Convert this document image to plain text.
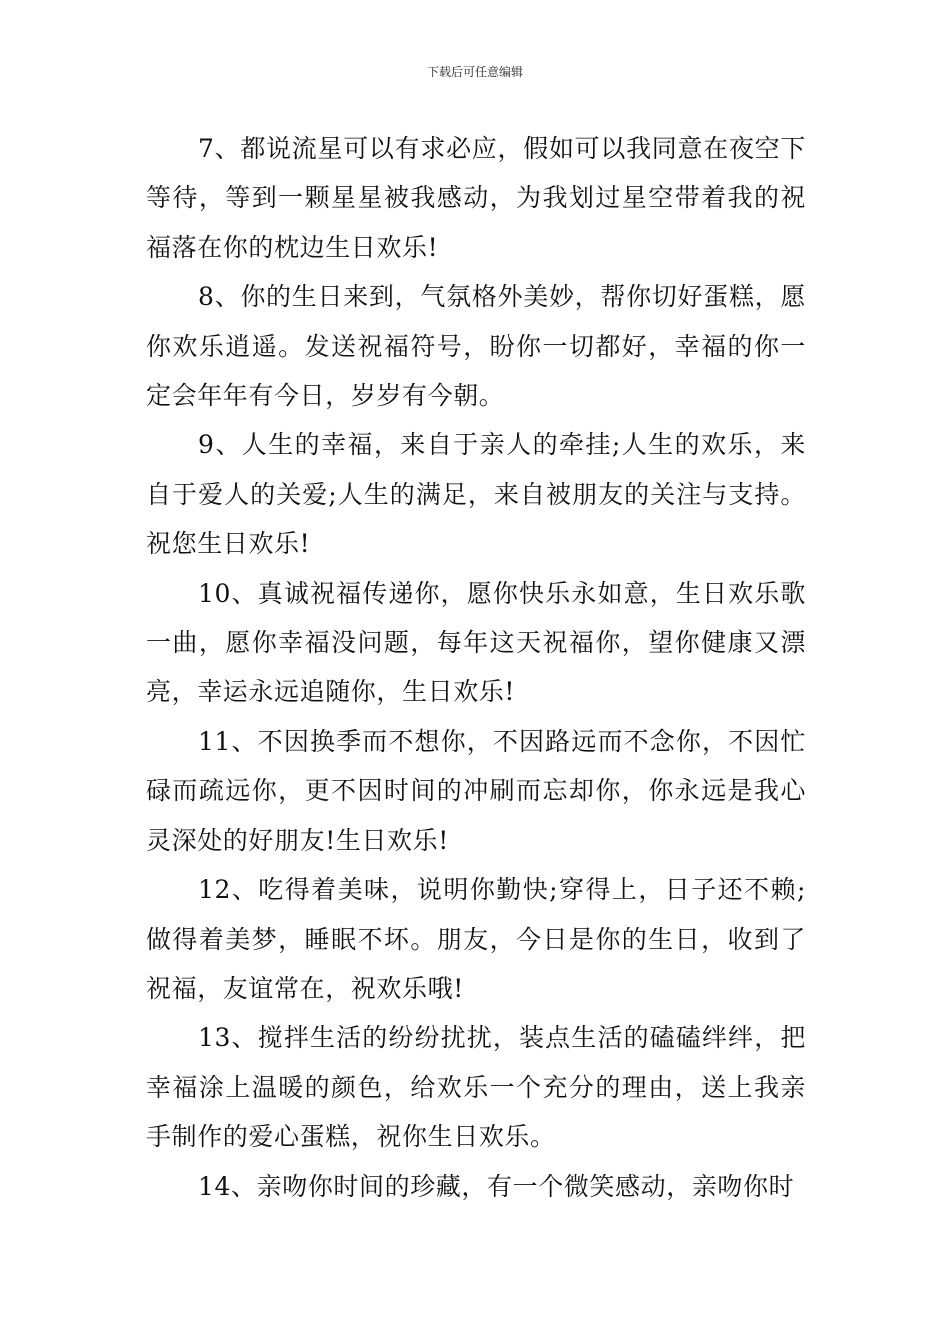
下载后可任意编辑

7、都说流星可以有求必应，假如可以我同意在夜空下等待，等到一颗星星被我感动，为我划过星空带着我的祝福落在你的枕边生日欢乐!

8、你的生日来到，气氛格外美妙，帮你切好蛋糕，愿你欢乐逍遥。发送祝福符号，盼你一切都好，幸福的你一定会年年有今日，岁岁有今朝。

9、人生的幸福，来自于亲人的牵挂;人生的欢乐，来自于爱人的关爱;人生的满足，来自被朋友的关注与支持。祝您生日欢乐!

10、真诚祝福传递你，愿你快乐永如意，生日欢乐歌一曲，愿你幸福没问题，每年这天祝福你，望你健康又漂亮，幸运永远追随你，生日欢乐!

11、不因换季而不想你，不因路远而不念你，不因忙碌而疏远你，更不因时间的冲刷而忘却你，你永远是我心灵深处的好朋友!生日欢乐!

12、吃得着美味，说明你勤快;穿得上，日子还不赖;做得着美梦，睡眠不坏。朋友，今日是你的生日，收到了祝福，友谊常在，祝欢乐哦!

13、搅拌生活的纷纷扰扰，装点生活的磕磕绊绊，把幸福涂上温暖的颜色，给欢乐一个充分的理由，送上我亲手制作的爱心蛋糕，祝你生日欢乐。

14、亲吻你时间的珍藏，有一个微笑感动，亲吻你时
